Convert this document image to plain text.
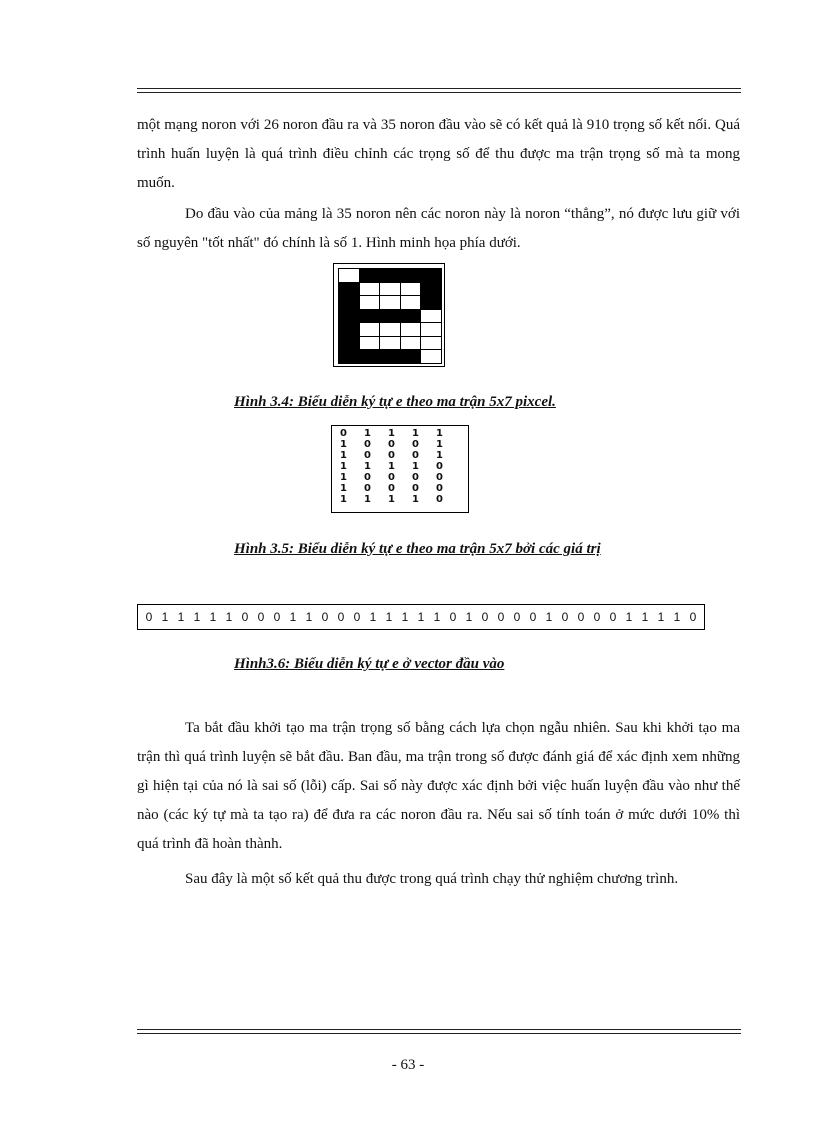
một mạng noron với 26 noron đầu ra và 35 noron đầu vào sẽ có kết quả là 910 trọng số kết nối. Quá trình huấn luyện là quá trình điều chỉnh các trọng số để thu được ma trận trọng số mà ta mong muốn.

Do đầu vào của mảng là 35 noron nên các noron này là noron “thẳng”, nó được lưu giữ với số nguyên "tốt nhất" đó chính là số 1. Hình minh họa phía dưới.

Hình 3.4: Biểu diễn ký tự e theo ma trận 5x7 pixcel.

0	1	1	1	1
1	0	0	0	1
1	0	0	0	1
1	1	1	1	0
1	0	0	0	0
1	0	0	0	0
1	1	1	1	0

Hình 3.5: Biểu diễn ký tự e theo ma trận 5x7 bởi các giá trị

0 1 1 1 1 1 0 0 0 1 1 0 0 0 1 1 1 1 1 0 1 0 0 0 0 1 0 0 0 0 1 1 1 1 0

Hình3.6: Biểu diễn ký tự e ở vector đầu vào

Ta bắt đầu khởi tạo ma trận trọng số bằng cách lựa chọn ngẫu nhiên. Sau khi khởi tạo ma trận thì quá trình luyện sẽ bắt đầu. Ban đầu, ma trận trong số được đánh giá để xác định xem những gì hiện tại của nó là sai số (lỗi) cấp. Sai số này được xác định bởi việc huấn luyện đầu vào như thế nào (các ký tự mà ta tạo ra) để đưa ra các noron đầu ra. Nếu sai số tính toán ở mức dưới 10% thì quá trình đã hoàn thành.

Sau đây là một số kết quả thu được trong quá trình chạy thử nghiệm chương trình.

- 63 -
